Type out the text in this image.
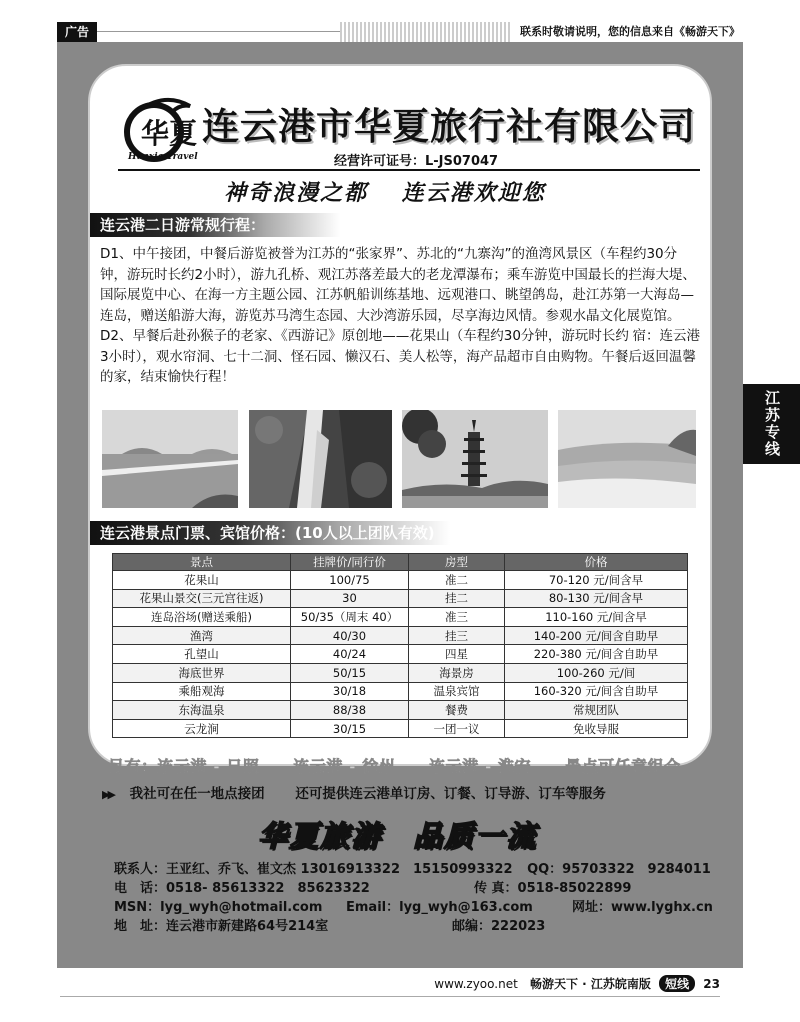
广告	联系时敬请说明，您的信息来自《畅游天下》
江苏专线
华夏
Huaxia Travel
连云港市华夏旅行社有限公司
经营许可证号：L-JS07047
神奇浪漫之都　 连云港欢迎您
连云港二日游常规行程：

D1、中午接团，中餐后游览被誉为江苏的“张家界”、苏北的“九寨沟”的渔湾风景区（车程约30分钟，游玩时长约2小时），游九孔桥、观江苏落差最大的老龙潭瀑布；乘车游览中国最长的拦海大堤、国际展览中心、在海一方主题公园、江苏帆船训练基地、远观港口、眺望鸽岛，赴江苏第一大海岛—连岛，赠送船游大海，游览苏马湾生态园、大沙湾游乐园，尽享海边风情。参观水晶文化展览馆。
宿：连云港

D2、早餐后赴孙猴子的老家、《西游记》原创地——花果山（车程约30分钟，游玩时长约3小时），观水帘洞、七十二洞、怪石园、懒汉石、美人松等，海产品超市自由购物。午餐后返回温馨的家，结束愉快行程！

连云港景点门票、宾馆价格：(10人以上团队有效)
景点	挂牌价/同行价	房型	价格
花果山	100/75	准二	70-120 元/间含早
花果山景交(三元宫往返)	30	挂二	80-130 元/间含早
连岛浴场(赠送乘船)	50/35（周末 40）	准三	110-160 元/间含早
渔湾	40/30	挂三	140-200 元/间含自助早
孔望山	40/24	四星	220-380 元/间含自助早
海底世界	50/15	海景房	100-260 元/间
乘船观海	30/18	温泉宾馆	160-320 元/间含自助早
东海温泉	88/38	餐费	常规团队
云龙涧	30/15	一团一议	免收导服
另有：连云港 - 日照 连云港 - 徐州 连云港 - 淮安 景点可任意组合
▶▶ 我社可在任一地点接团 还可提供连云港单订房、订餐、订导游、订车等服务
华夏旅游　品质一流
联系人：王亚红、乔飞、崔文杰 13016913322　15150993322 QQ：95703322　9284011
电　话：0518- 85613322　85623322	传 真：0518-85022899
MSN：lyg_wyh@hotmail.com Email：lyg_wyh@163.com	网址：www.lyghx.cn
地　址：连云港市新建路64号214室	邮编：222023
www.zyoo.net 畅游天下 · 江苏皖南版 短线 23
